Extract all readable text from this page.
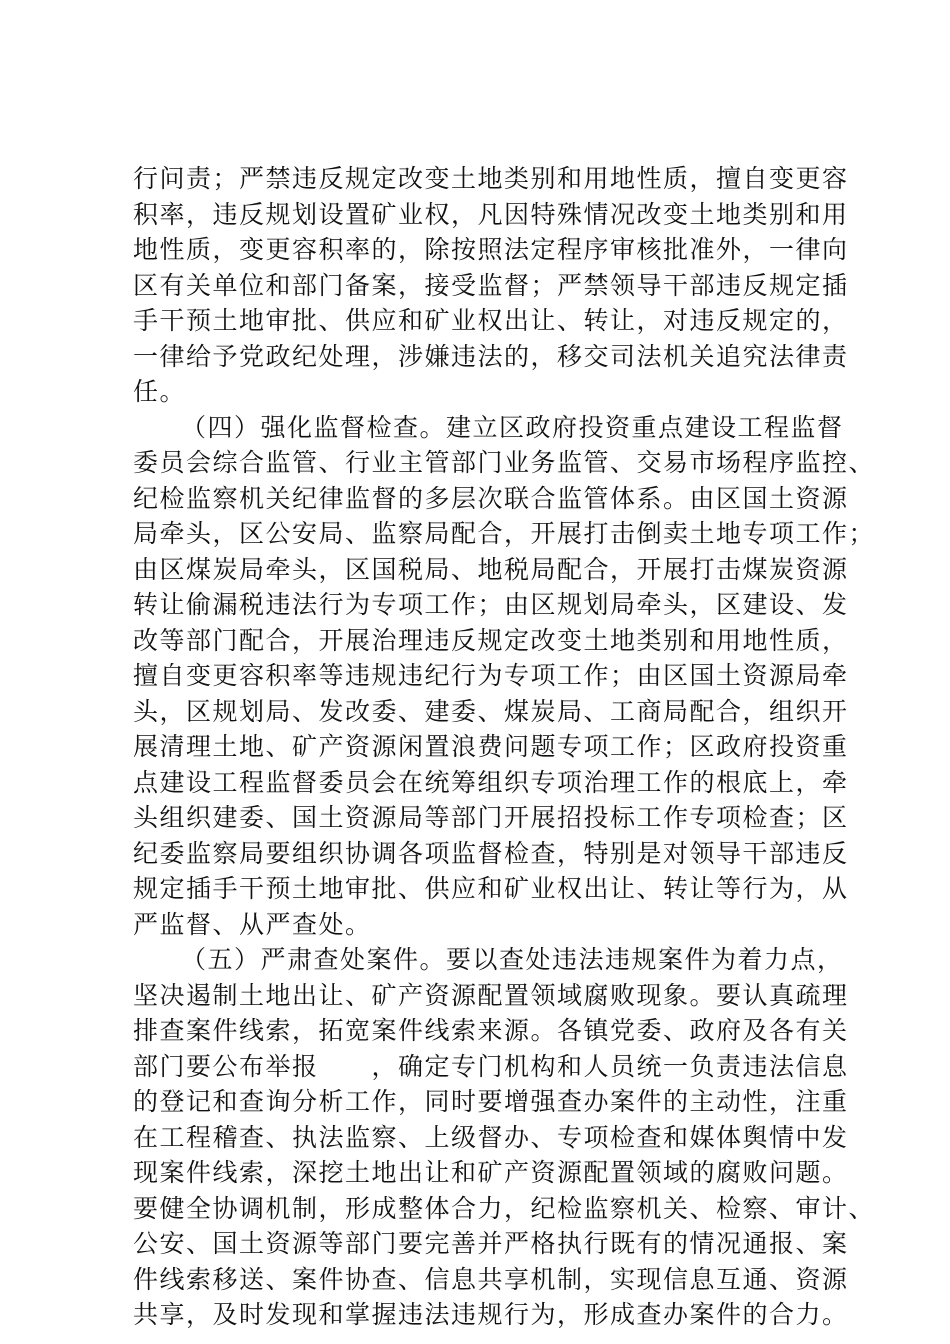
行问责；严禁违反规定改变土地类别和用地性质，擅自变更容
积率，违反规划设置矿业权，凡因特殊情况改变土地类别和用
地性质，变更容积率的，除按照法定程序审核批准外，一律向
区有关单位和部门备案，接受监督；严禁领导干部违反规定插
手干预土地审批、供应和矿业权出让、转让，对违反规定的，
一律给予党政纪处理，涉嫌违法的，移交司法机关追究法律责
任。
（四）强化监督检查。建立区政府投资重点建设工程监督
委员会综合监管、行业主管部门业务监管、交易市场程序监控、
纪检监察机关纪律监督的多层次联合监管体系。由区国土资源
局牵头，区公安局、监察局配合，开展打击倒卖土地专项工作；
由区煤炭局牵头，区国税局、地税局配合，开展打击煤炭资源
转让偷漏税违法行为专项工作；由区规划局牵头，区建设、发
改等部门配合，开展治理违反规定改变土地类别和用地性质，
擅自变更容积率等违规违纪行为专项工作；由区国土资源局牵
头，区规划局、发改委、建委、煤炭局、工商局配合，组织开
展清理土地、矿产资源闲置浪费问题专项工作；区政府投资重
点建设工程监督委员会在统筹组织专项治理工作的根底上，牵
头组织建委、国土资源局等部门开展招投标工作专项检查；区
纪委监察局要组织协调各项监督检查，特别是对领导干部违反
规定插手干预土地审批、供应和矿业权出让、转让等行为，从
严监督、从严查处。
（五）严肃查处案件。要以查处违法违规案件为着力点，
坚决遏制土地出让、矿产资源配置领域腐败现象。要认真疏理
排查案件线索，拓宽案件线索来源。各镇党委、政府及各有关
部门要公布举报　　，确定专门机构和人员统一负责违法信息
的登记和查询分析工作，同时要增强查办案件的主动性，注重
在工程稽查、执法监察、上级督办、专项检查和媒体舆情中发
现案件线索，深挖土地出让和矿产资源配置领域的腐败问题。
要健全协调机制，形成整体合力，纪检监察机关、检察、审计、
公安、国土资源等部门要完善并严格执行既有的情况通报、案
件线索移送、案件协查、信息共享机制，实现信息互通、资源
共享，及时发现和掌握违法违规行为，形成查办案件的合力。
